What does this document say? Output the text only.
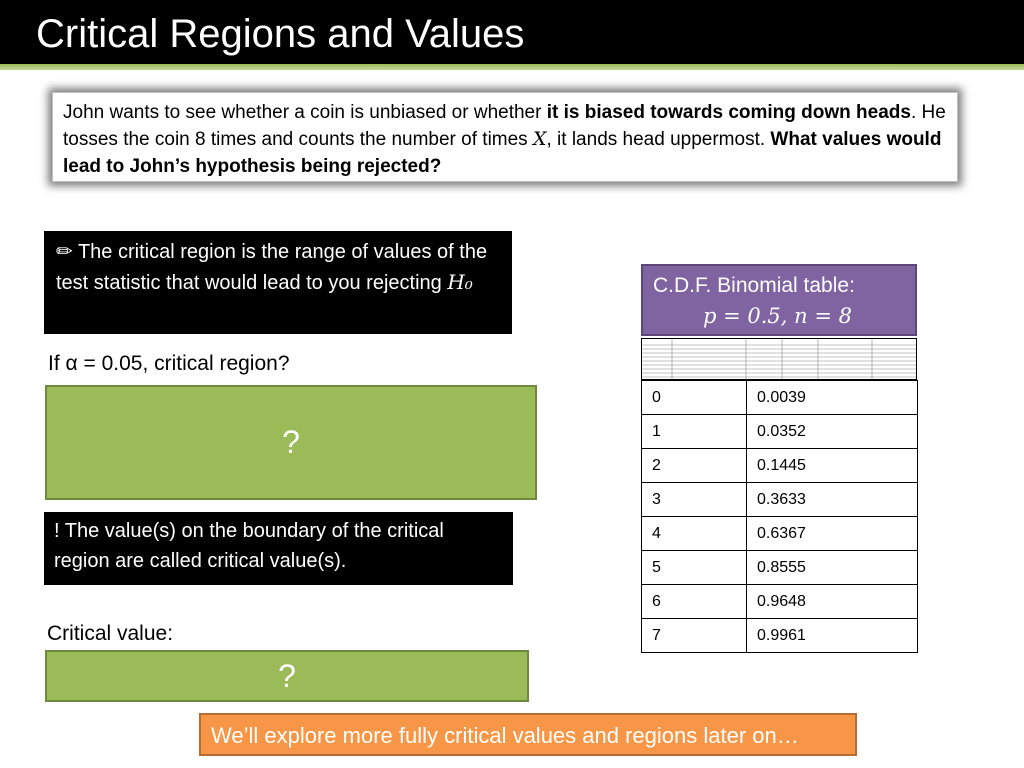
Critical Regions and Values

John wants to see whether a coin is unbiased or whether it is biased towards coming down heads. He tosses the coin 8 times and counts the number of times X, it lands head uppermost. What values would lead to John’s hypothesis being rejected?

✏ The critical region is the range of values of the test statistic that would lead to you rejecting H₀
If α = 0.05, critical region?
?
! The value(s) on the boundary of the critical region are called critical value(s).
Critical value:
?
C.D.F. Binomial table:
p = 0.5, n = 8
0	0.0039
1	0.0352
2	0.1445
3	0.3633
4	0.6367
5	0.8555
6	0.9648
7	0.9961
We’ll explore more fully critical values and regions later on…
